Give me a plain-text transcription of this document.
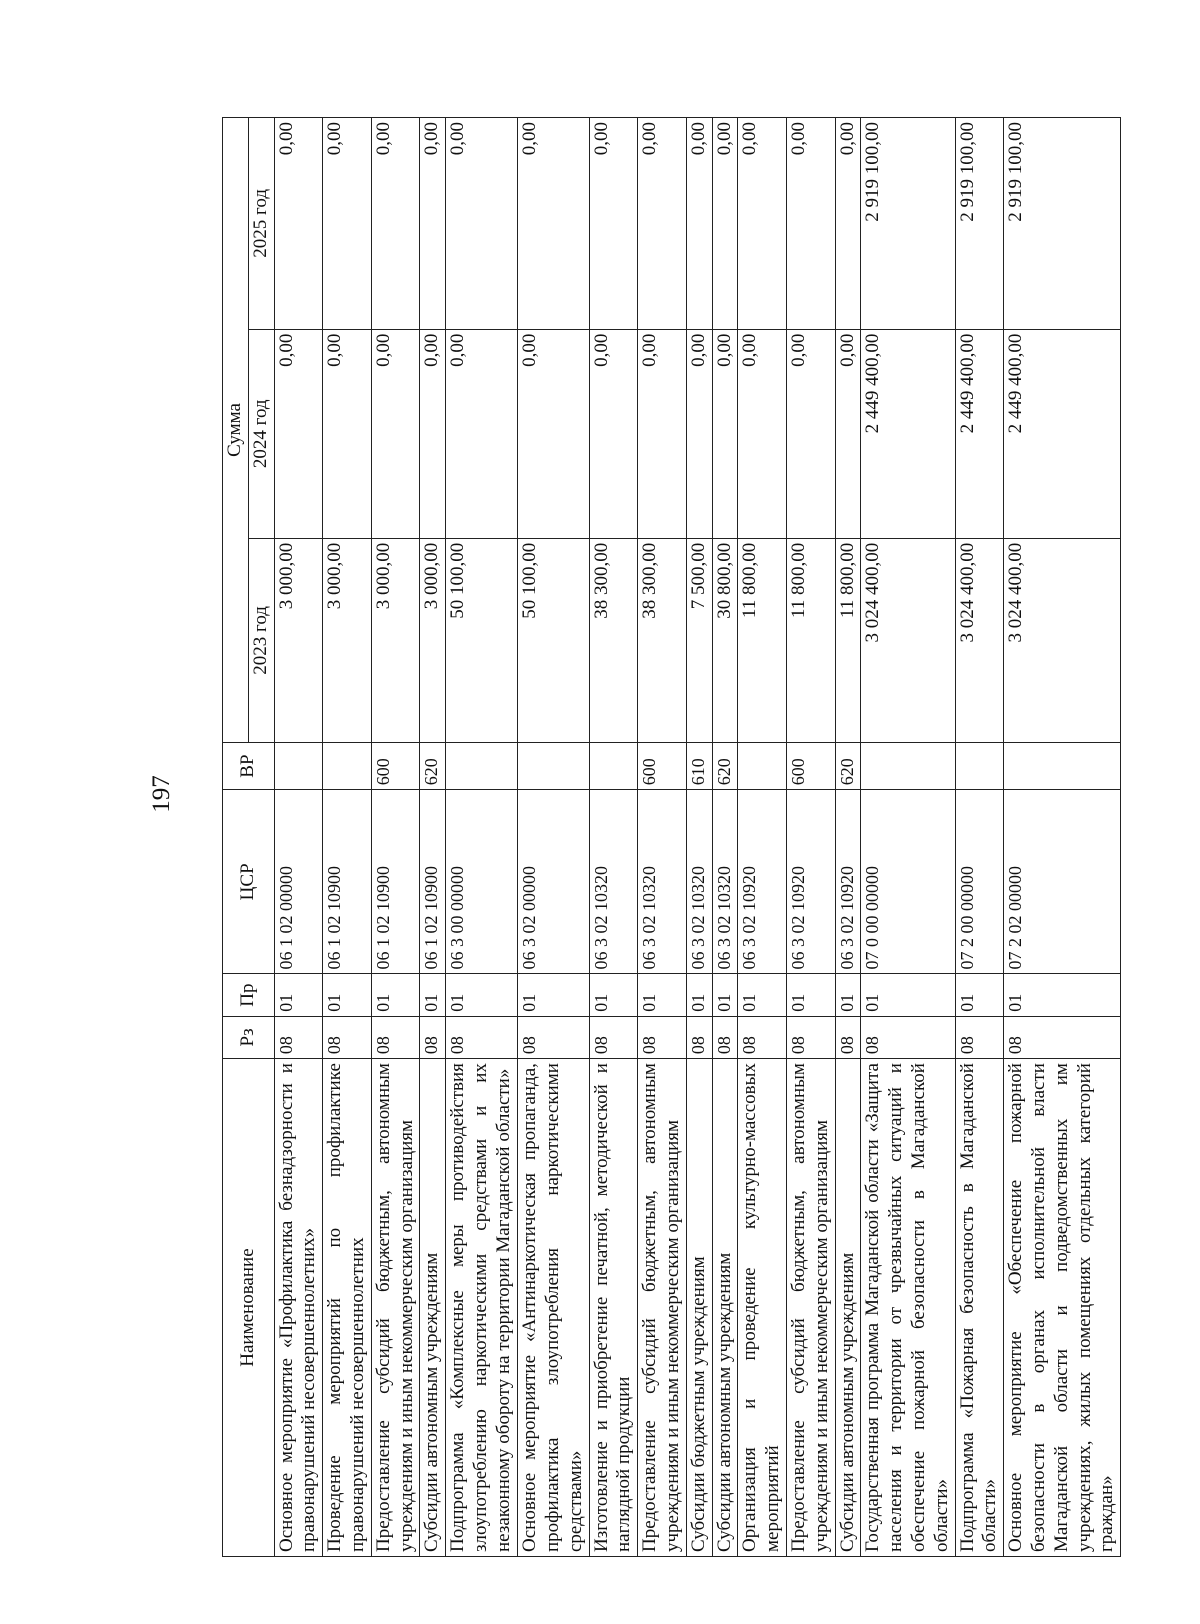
197
Наименование	Рз	Пр	ЦСР	ВР	Сумма		
					2023 год	2024 год	2025 год
Основное мероприятие «Профилактика безнадзорности и правонарушений несовершеннолетних»	08	01	06 1 02 00000		3 000,00	0,00	0,00
Проведение мероприятий по профилактике правонарушений несовершеннолетних	08	01	06 1 02 10900		3 000,00	0,00	0,00
Предоставление субсидий бюджетным, автономным учреждениям и иным некоммерческим организациям	08	01	06 1 02 10900	600	3 000,00	0,00	0,00
Субсидии автономным учреждениям	08	01	06 1 02 10900	620	3 000,00	0,00	0,00
Подпрограмма «Комплексные меры противодействия злоупотреблению наркотическими средствами и их незаконному обороту на территории Магаданской области»	08	01	06 3 00 00000		50 100,00	0,00	0,00
Основное мероприятие «Антинаркотическая пропаганда, профилактика злоупотребления наркотическими средствами»	08	01	06 3 02 00000		50 100,00	0,00	0,00
Изготовление и приобретение печатной, методической и наглядной продукции	08	01	06 3 02 10320		38 300,00	0,00	0,00
Предоставление субсидий бюджетным, автономным учреждениям и иным некоммерческим организациям	08	01	06 3 02 10320	600	38 300,00	0,00	0,00
Субсидии бюджетным учреждениям	08	01	06 3 02 10320	610	7 500,00	0,00	0,00
Субсидии автономным учреждениям	08	01	06 3 02 10320	620	30 800,00	0,00	0,00
Организация и проведение культурно-массовых мероприятий	08	01	06 3 02 10920		11 800,00	0,00	0,00
Предоставление субсидий бюджетным, автономным учреждениям и иным некоммерческим организациям	08	01	06 3 02 10920	600	11 800,00	0,00	0,00
Субсидии автономным учреждениям	08	01	06 3 02 10920	620	11 800,00	0,00	0,00
Государственная программа Магаданской области «Защита населения и территории от чрезвычайных ситуаций и обеспечение пожарной безопасности в Магаданской области»	08	01	07 0 00 00000		3 024 400,00	2 449 400,00	2 919 100,00
Подпрограмма «Пожарная безопасность в Магаданской области»	08	01	07 2 00 00000		3 024 400,00	2 449 400,00	2 919 100,00
Основное мероприятие «Обеспечение пожарной безопасности в органах исполнительной власти Магаданской области и подведомственных им учреждениях, жилых помещениях отдельных категорий граждан»	08	01	07 2 02 00000		3 024 400,00	2 449 400,00	2 919 100,00
